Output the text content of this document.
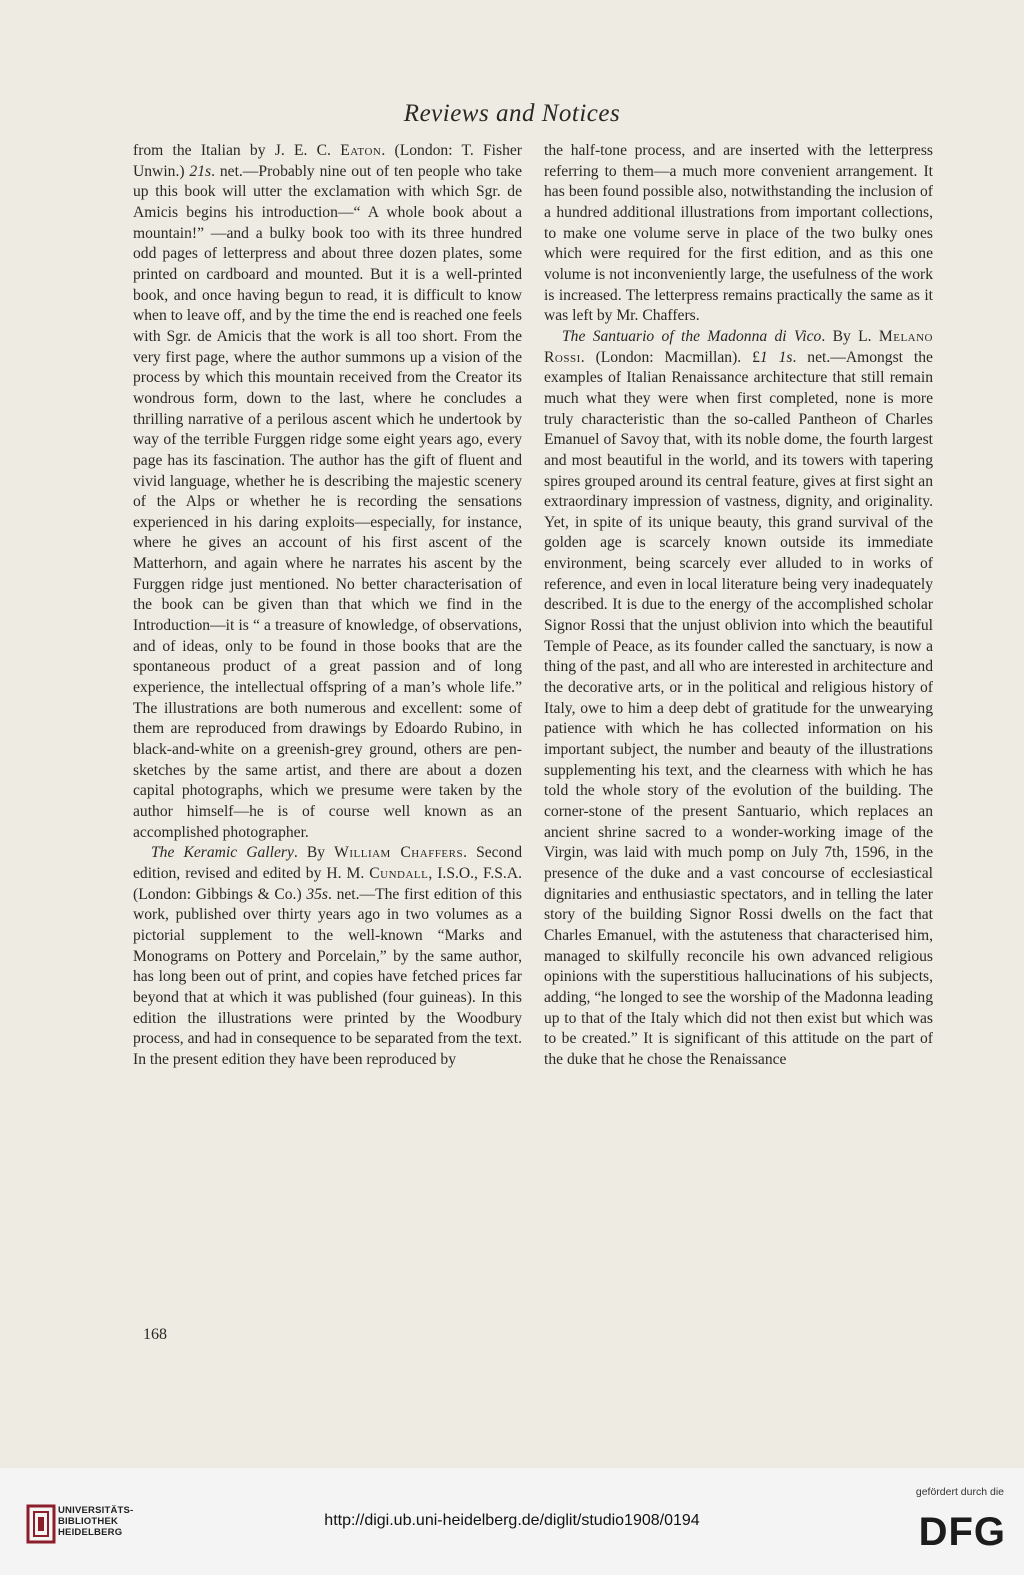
Reviews and Notices

from the Italian by J. E. C. Eaton. (London: T. Fisher Unwin.) 21s. net.—Probably nine out of ten people who take up this book will utter the exclamation with which Sgr. de Amicis begins his introduction—“ A whole book about a mountain!” —and a bulky book too with its three hundred odd pages of letterpress and about three dozen plates, some printed on cardboard and mounted. But it is a well-printed book, and once having begun to read, it is difficult to know when to leave off, and by the time the end is reached one feels with Sgr. de Amicis that the work is all too short. From the very first page, where the author summons up a vision of the process by which this mountain received from the Creator its wondrous form, down to the last, where he concludes a thrilling narrative of a perilous ascent which he undertook by way of the terrible Furggen ridge some eight years ago, every page has its fascination. The author has the gift of fluent and vivid language, whether he is describing the majestic scenery of the Alps or whether he is recording the sensations experienced in his daring exploits—especially, for instance, where he gives an account of his first ascent of the Matterhorn, and again where he narrates his ascent by the Furggen ridge just mentioned. No better characterisation of the book can be given than that which we find in the Introduction—it is “ a treasure of knowledge, of observations, and of ideas, only to be found in those books that are the spontaneous product of a great passion and of long experience, the intellectual offspring of a man’s whole life.” The illustrations are both numerous and excellent: some of them are reproduced from drawings by Edoardo Rubino, in black-and-white on a greenish-grey ground, others are pen-sketches by the same artist, and there are about a dozen capital photographs, which we presume were taken by the author himself—he is of course well known as an accomplished photographer.

The Keramic Gallery. By William Chaffers. Second edition, revised and edited by H. M. Cundall, I.S.O., F.S.A. (London: Gibbings & Co.) 35s. net.—The first edition of this work, published over thirty years ago in two volumes as a pictorial supplement to the well-known “Marks and Monograms on Pottery and Porcelain,” by the same author, has long been out of print, and copies have fetched prices far beyond that at which it was published (four guineas). In this edition the illustrations were printed by the Woodbury process, and had in consequence to be separated from the text. In the present edition they have been reproduced by

the half-tone process, and are inserted with the letterpress referring to them—a much more convenient arrangement. It has been found possible also, notwithstanding the inclusion of a hundred additional illustrations from important collections, to make one volume serve in place of the two bulky ones which were required for the first edition, and as this one volume is not inconveniently large, the usefulness of the work is increased. The letterpress remains practically the same as it was left by Mr. Chaffers.

The Santuario of the Madonna di Vico. By L. Melano Rossi. (London: Macmillan). £1 1s. net.—Amongst the examples of Italian Renaissance architecture that still remain much what they were when first completed, none is more truly characteristic than the so-called Pantheon of Charles Emanuel of Savoy that, with its noble dome, the fourth largest and most beautiful in the world, and its towers with tapering spires grouped around its central feature, gives at first sight an extraordinary impression of vastness, dignity, and originality. Yet, in spite of its unique beauty, this grand survival of the golden age is scarcely known outside its immediate environment, being scarcely ever alluded to in works of reference, and even in local literature being very inadequately described. It is due to the energy of the accomplished scholar Signor Rossi that the unjust oblivion into which the beautiful Temple of Peace, as its founder called the sanctuary, is now a thing of the past, and all who are interested in architecture and the decorative arts, or in the political and religious history of Italy, owe to him a deep debt of gratitude for the unwearying patience with which he has collected information on his important subject, the number and beauty of the illustrations supplementing his text, and the clearness with which he has told the whole story of the evolution of the building. The corner-stone of the present Santuario, which replaces an ancient shrine sacred to a wonder-working image of the Virgin, was laid with much pomp on July 7th, 1596, in the presence of the duke and a vast concourse of ecclesiastical dignitaries and enthusiastic spectators, and in telling the later story of the building Signor Rossi dwells on the fact that Charles Emanuel, with the astuteness that characterised him, managed to skilfully reconcile his own advanced religious opinions with the superstitious hallucinations of his subjects, adding, “he longed to see the worship of the Madonna leading up to that of the Italy which did not then exist but which was to be created.” It is significant of this attitude on the part of the duke that he chose the Renaissance

168
UNIVERSITÄTS-
BIBLIOTHEK
HEIDELBERG
http://digi.ub.uni-heidelberg.de/diglit/studio1908/0194
gefördert durch die
DFG
